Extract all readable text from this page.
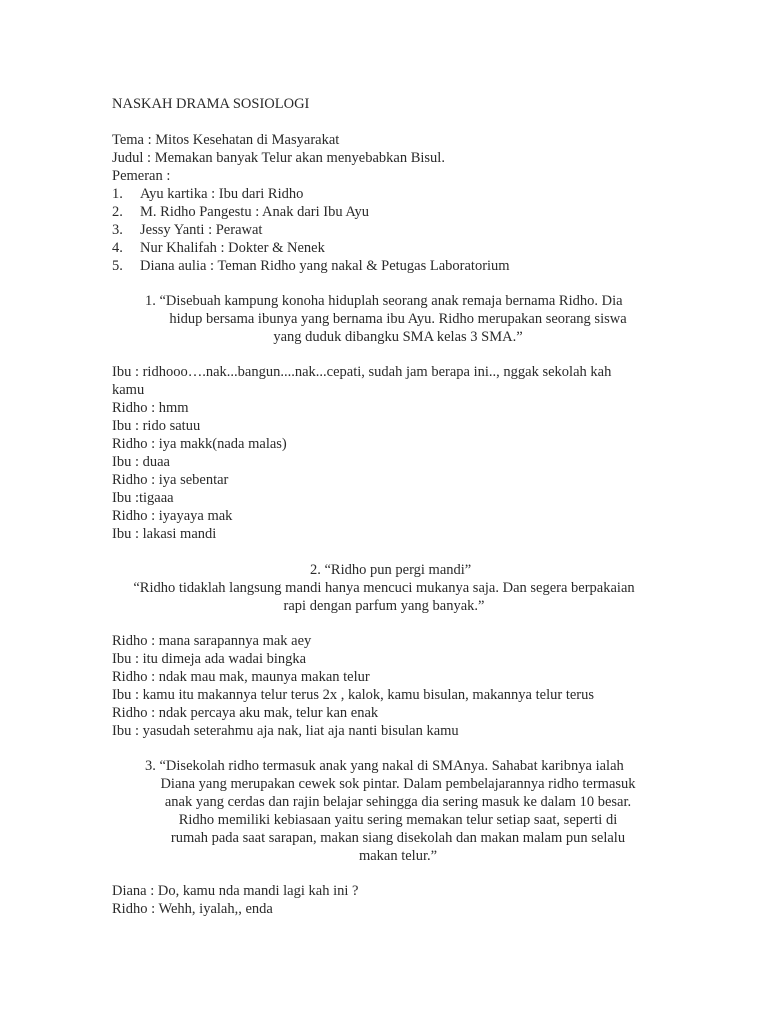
NASKAH DRAMA SOSIOLOGI
Tema : Mitos Kesehatan di Masyarakat
Judul : Memakan banyak Telur akan menyebabkan Bisul.
Pemeran :
1. Ayu kartika : Ibu dari Ridho
2. M. Ridho Pangestu : Anak dari Ibu Ayu
3. Jessy Yanti : Perawat
4. Nur Khalifah : Dokter & Nenek
5. Diana aulia : Teman Ridho yang nakal & Petugas Laboratorium
1. “Disebuah kampung konoha hiduplah seorang anak remaja bernama Ridho. Dia
hidup bersama ibunya yang bernama ibu Ayu. Ridho merupakan seorang siswa
yang duduk dibangku SMA kelas 3 SMA.”
Ibu : ridhooo….nak...bangun....nak...cepati, sudah jam berapa ini.., nggak sekolah kah
kamu
Ridho : hmm
Ibu : rido satuu
Ridho : iya makk(nada malas)
Ibu : duaa
Ridho : iya sebentar
Ibu :tigaaa
Ridho : iyayaya mak
Ibu : lakasi mandi
2. “Ridho pun pergi mandi”
“Ridho tidaklah langsung mandi hanya mencuci mukanya saja. Dan segera berpakaian
rapi dengan parfum yang banyak.”
Ridho : mana sarapannya mak aey
Ibu : itu dimeja ada wadai bingka
Ridho : ndak mau mak, maunya makan telur
Ibu : kamu itu makannya telur terus 2x , kalok, kamu bisulan, makannya telur terus
Ridho : ndak percaya aku mak, telur kan enak
Ibu : yasudah seterahmu aja nak, liat aja nanti bisulan kamu
3. “Disekolah ridho termasuk anak yang nakal di SMAnya. Sahabat karibnya ialah
Diana yang merupakan cewek sok pintar. Dalam pembelajarannya ridho termasuk
anak yang cerdas dan rajin belajar sehingga dia sering masuk ke dalam 10 besar.
Ridho memiliki kebiasaan yaitu sering memakan telur setiap saat, seperti di
rumah pada saat sarapan, makan siang disekolah dan makan malam pun selalu
makan telur.”
Diana : Do, kamu nda mandi lagi kah ini ?
Ridho : Wehh, iyalah,, enda
